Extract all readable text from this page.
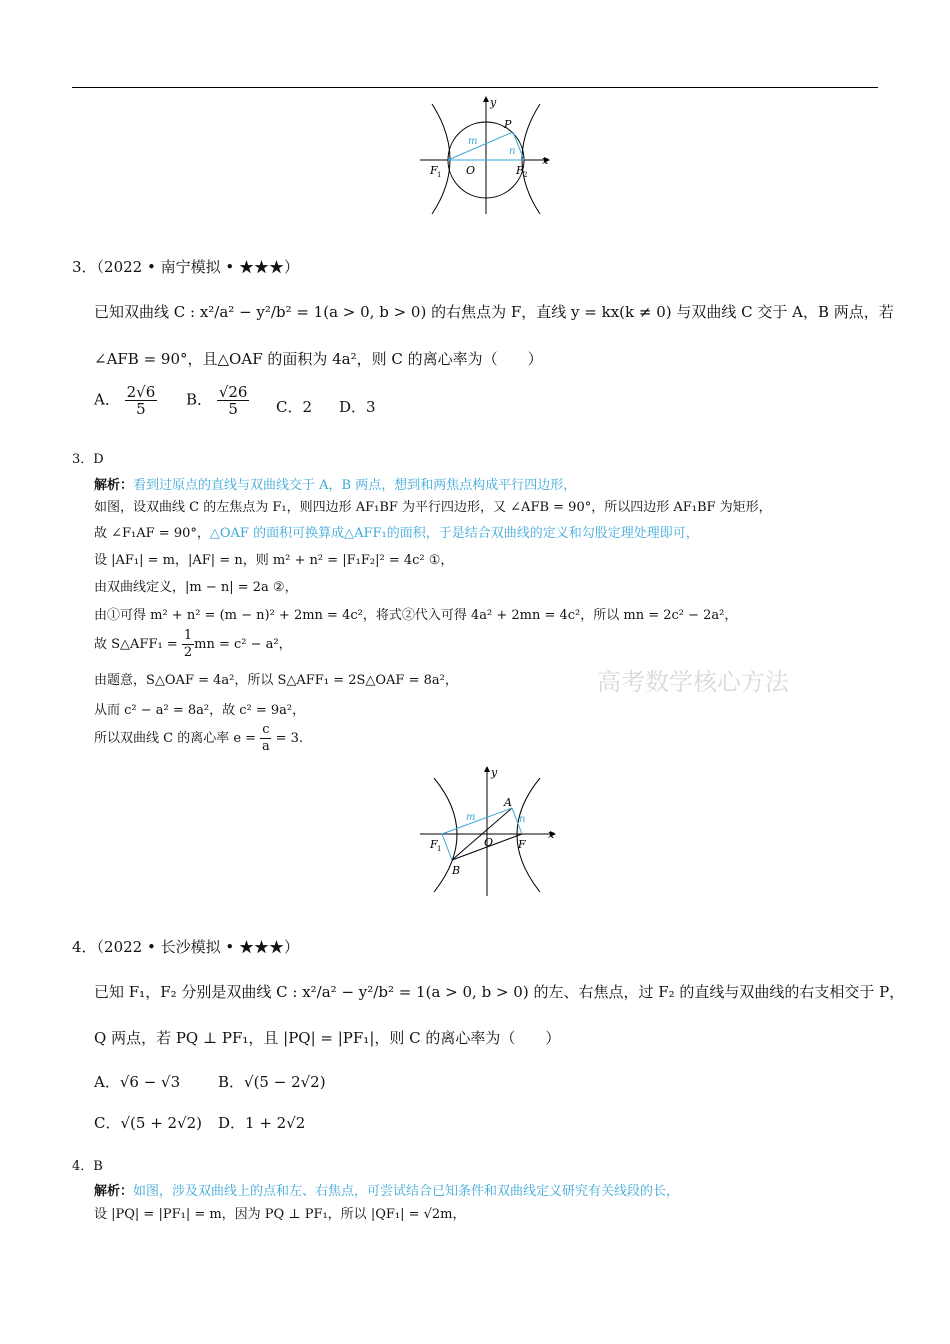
y
x
P
m
n
F 1 O	F 2
3．（2022 • 南宁模拟 • ★★★）
已知双曲线 C : x²/a² − y²/b² = 1(a > 0, b > 0) 的右焦点为 F，直线 y = kx(k ≠ 0) 与双曲线 C 交于 A，B 两点，若
∠AFB = 90°，且△OAF 的面积为 4a²，则 C 的离心率为（　　）
A． $\frac{2√6}{5}$ B． $\frac{√26}{5}$ C．2 D．3
3．D
解析：看到过原点的直线与双曲线交于 A，B 两点，想到和两焦点构成平行四边形，
如图，设双曲线 C 的左焦点为 F₁，则四边形 AF₁BF 为平行四边形，又 ∠AFB = 90°，所以四边形 AF₁BF 为矩形，
故 ∠F₁AF = 90°，△OAF 的面积可换算成△AFF₁的面积，于是结合双曲线的定义和勾股定理处理即可，
设 |AF₁| = m，|AF| = n，则 m² + n² = |F₁F₂|² = 4c² ①，
由双曲线定义，|m − n| = 2a ②，
由①可得 m² + n² = (m − n)² + 2mn = 4c²，将式②代入可得 4a² + 2mn = 4c²，所以 mn = 2c² − 2a²，
故 S△AFF₁ = $\frac{1}{2}$ mn = c² − a²，
由题意，S△OAF = 4a²，所以 S△AFF₁ = 2S△OAF = 8a²，
从而 c² − a² = 8a²，故 c² = 9a²，
所以双曲线 C 的离心率 $e = \frac{c}{a} = 3$.
高考数学核心方法
y
x
A
m	n
F 1	O F
B
4．（2022 • 长沙模拟 • ★★★）
已知 F₁，F₂ 分别是双曲线 C : x²/a² − y²/b² = 1(a > 0, b > 0) 的左、右焦点，过 F₂ 的直线与双曲线的右支相交于 P，
Q 两点，若 PQ ⊥ PF₁，且 |PQ| = |PF₁|，则 C 的离心率为（　　）
A．√6 − √3	B．√(5 − 2√2)
C．√(5 + 2√2) D．1 + 2√2
4．B
解析：如图，涉及双曲线上的点和左、右焦点，可尝试结合已知条件和双曲线定义研究有关线段的长，
设 |PQ| = |PF₁| = m，因为 PQ ⊥ PF₁，所以 |QF₁| = √2m，
